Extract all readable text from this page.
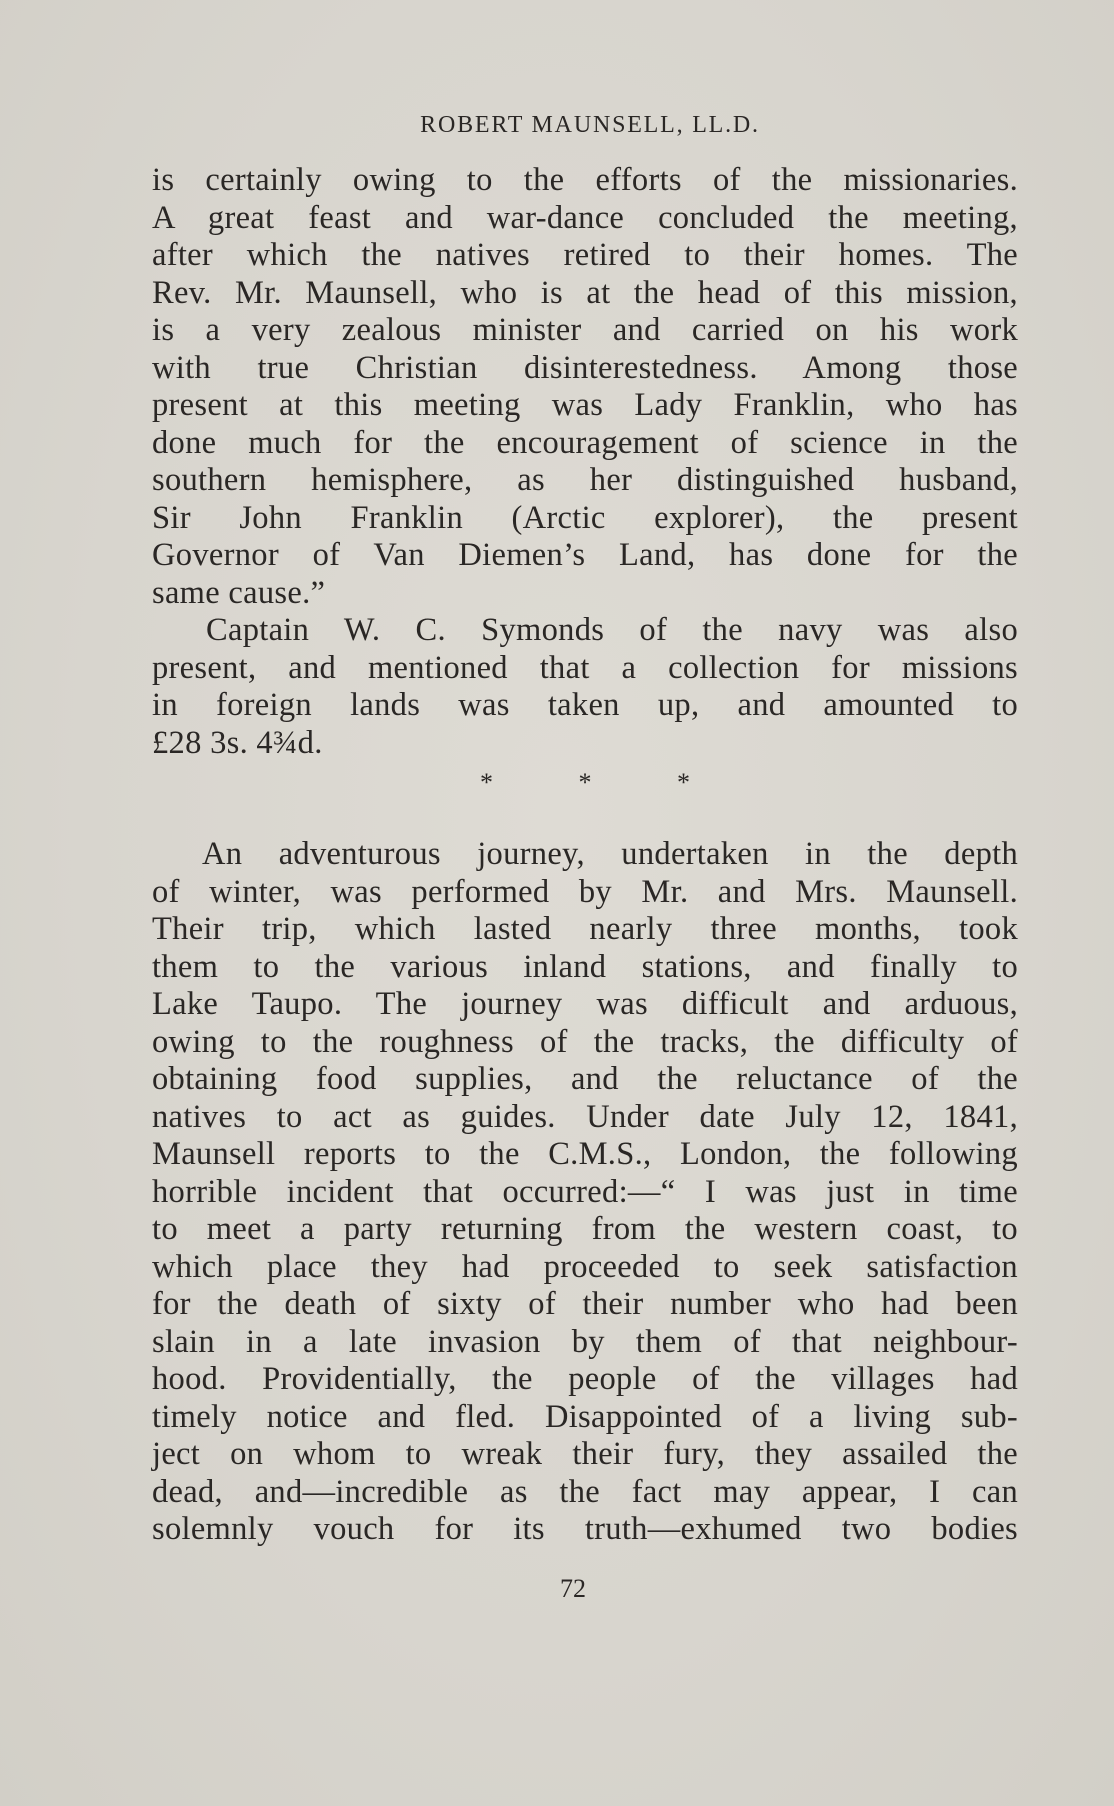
ROBERT MAUNSELL, LL.D.
is certainly owing to the efforts of the missionaries.
A great feast and war-dance concluded the meeting,
after which the natives retired to their homes. The
Rev. Mr. Maunsell, who is at the head of this mission,
is a very zealous minister and carried on his work
with true Christian disinterestedness. Among those
present at this meeting was Lady Franklin, who has
done much for the encouragement of science in the
southern hemisphere, as her distinguished husband,
Sir John Franklin (Arctic explorer), the present
Governor of Van Diemen’s Land, has done for the
same cause.”
Captain W. C. Symonds of the navy was also
present, and mentioned that a collection for missions
in foreign lands was taken up, and amounted to
£28 3s. 4¾d.
*	*	*
An adventurous journey, undertaken in the depth
of winter, was performed by Mr. and Mrs. Maunsell.
Their trip, which lasted nearly three months, took
them to the various inland stations, and finally to
Lake Taupo. The journey was difficult and arduous,
owing to the roughness of the tracks, the difficulty of
obtaining food supplies, and the reluctance of the
natives to act as guides. Under date July 12, 1841,
Maunsell reports to the C.M.S., London, the following
horrible incident that occurred:—“ I was just in time
to meet a party returning from the western coast, to
which place they had proceeded to seek satisfaction
for the death of sixty of their number who had been
slain in a late invasion by them of that neighbour-
hood. Providentially, the people of the villages had
timely notice and fled. Disappointed of a living sub-
ject on whom to wreak their fury, they assailed the
dead, and—incredible as the fact may appear, I can
solemnly vouch for its truth—exhumed two bodies
72
